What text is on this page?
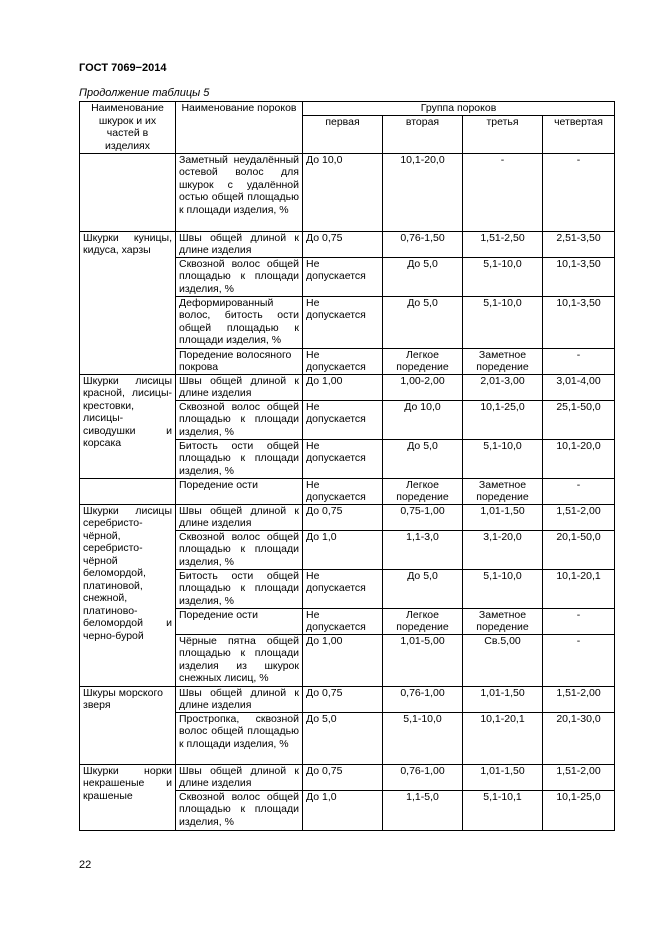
ГОСТ 7069−2014
Продолжение таблицы 5
Наименование шкурок и их частей в изделиях	Наименование пороков	Группа пороков			
		первая	вторая	третья	четвертая
	Заметный неудалённый остевой волос для шкурок с удалённой остью общей площадью к площади изделия, %	До 10,0	10,1-20,0	-	-
Шкурки куницы, кидуса, харзы	Швы общей длиной к длине изделия	До 0,75	0,76-1,50	1,51-2,50	2,51-3,50
	Сквозной волос общей площадью к площади изделия, %	Не допускается	До 5,0	5,1-10,0	10,1-3,50
	Деформированный волос, битость ости общей площадью к площади изделия, %	Не допускается	До 5,0	5,1-10,0	10,1-3,50
	Поредение волосяного покрова	Не допускается	Легкое поредение	Заметное поредение	-
Шкурки лисицы красной, лисицы-крестовки, лисицы-сиводушки и корсака	Швы общей длиной к длине изделия	До 1,00	1,00-2,00	2,01-3,00	3,01-4,00
	Сквозной волос общей площадью к площади изделия, %	Не допускается	До 10,0	10,1-25,0	25,1-50,0
	Битость ости общей площадью к площади изделия, %	Не допускается	До 5,0	5,1-10,0	10,1-20,0
	Поредение ости	Не допускается	Легкое поредение	Заметное поредение	-
Шкурки лисицы серебристо-чёрной, серебристо-чёрной беломордой, платиновой, снежной, платиново-беломордой и черно-бурой	Швы общей длиной к длине изделия	До 0,75	0,75-1,00	1,01-1,50	1,51-2,00
	Сквозной волос общей площадью к площади изделия, %	До 1,0	1,1-3,0	3,1-20,0	20,1-50,0
	Битость ости общей площадью к площади изделия, %	Не допускается	До 5,0	5,1-10,0	10,1-20,1
	Поредение ости	Не допускается	Легкое поредение	Заметное поредение	-
	Чёрные пятна общей площадью к площади изделия из шкурок снежных лисиц, %	До 1,00	1,01-5,00	Св.5,00	-
Шкуры морского зверя	Швы общей длиной к длине изделия	До 0,75	0,76-1,00	1,01-1,50	1,51-2,00
	Простропка, сквозной волос общей площадью к площади изделия, %	До 5,0	5,1-10,0	10,1-20,1	20,1-30,0
Шкурки норки некрашеные и крашеные	Швы общей длиной к длине изделия	До 0,75	0,76-1,00	1,01-1,50	1,51-2,00
	Сквозной волос общей площадью к площади изделия, %	До 1,0	1,1-5,0	5,1-10,1	10,1-25,0
22
